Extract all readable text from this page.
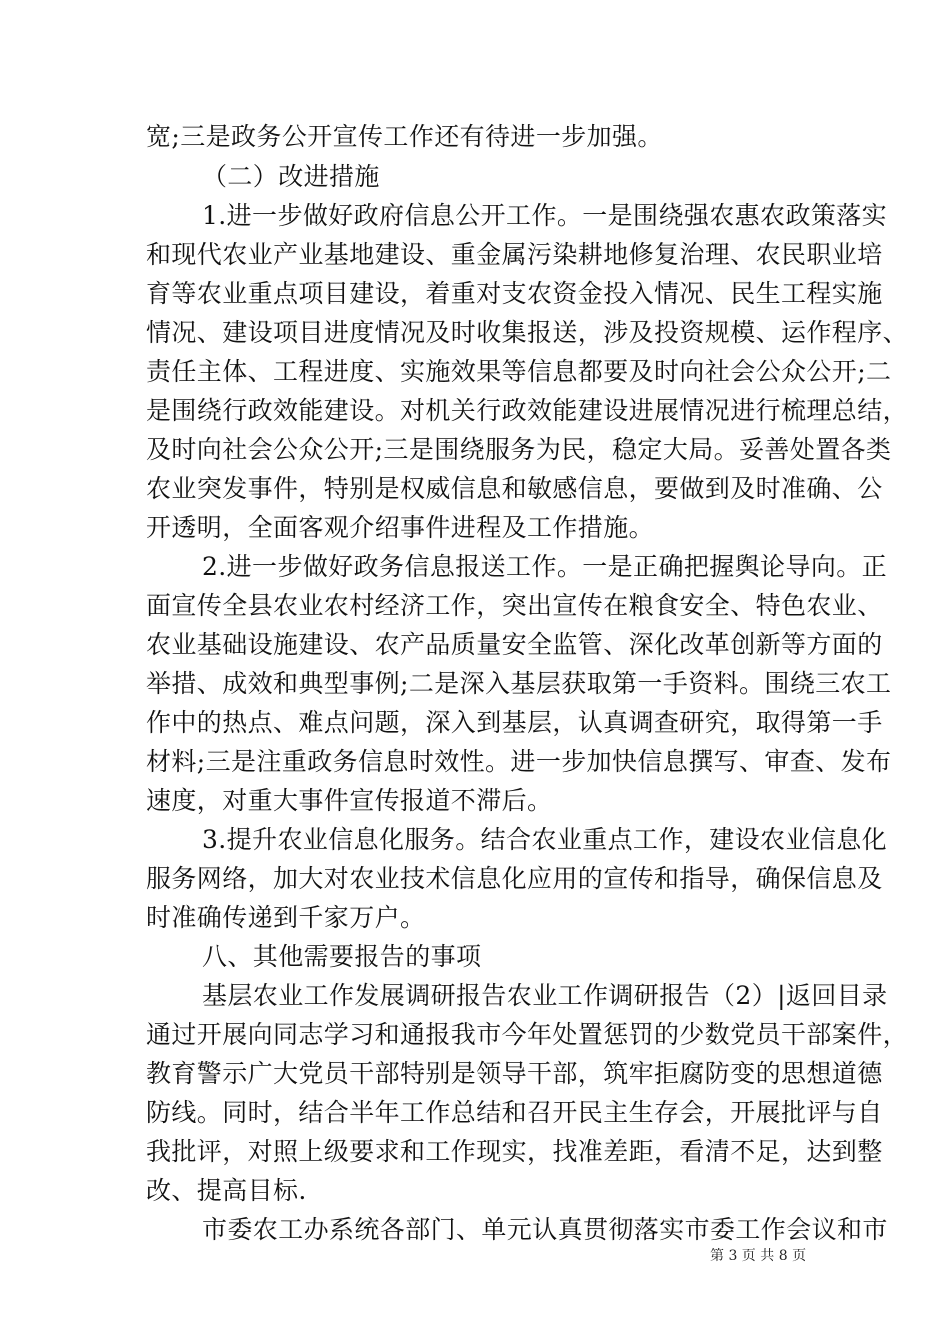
宽;三是政务公开宣传工作还有待进一步加强。
（二）改进措施
1.进一步做好政府信息公开工作。一是围绕强农惠农政策落实
和现代农业产业基地建设、重金属污染耕地修复治理、农民职业培
育等农业重点项目建设，着重对支农资金投入情况、民生工程实施
情况、建设项目进度情况及时收集报送，涉及投资规模、运作程序、
责任主体、工程进度、实施效果等信息都要及时向社会公众公开;二
是围绕行政效能建设。对机关行政效能建设进展情况进行梳理总结，
及时向社会公众公开;三是围绕服务为民，稳定大局。妥善处置各类
农业突发事件，特别是权威信息和敏感信息，要做到及时准确、公
开透明，全面客观介绍事件进程及工作措施。
2.进一步做好政务信息报送工作。一是正确把握舆论导向。正
面宣传全县农业农村经济工作，突出宣传在粮食安全、特色农业、
农业基础设施建设、农产品质量安全监管、深化改革创新等方面的
举措、成效和典型事例;二是深入基层获取第一手资料。围绕三农工
作中的热点、难点问题，深入到基层，认真调查研究，取得第一手
材料;三是注重政务信息时效性。进一步加快信息撰写、审查、发布
速度，对重大事件宣传报道不滞后。
3.提升农业信息化服务。结合农业重点工作，建设农业信息化
服务网络，加大对农业技术信息化应用的宣传和指导，确保信息及
时准确传递到千家万户。
八、其他需要报告的事项
基层农业工作发展调研报告农业工作调研报告（2）|返回目录
通过开展向同志学习和通报我市今年处置惩罚的少数党员干部案件，
教育警示广大党员干部特别是领导干部，筑牢拒腐防变的思想道德
防线。同时，结合半年工作总结和召开民主生存会，开展批评与自
我批评，对照上级要求和工作现实，找准差距，看清不足，达到整
改、提高目标.
市委农工办系统各部门、单元认真贯彻落实市委工作会议和市
第 3 页 共 8 页
